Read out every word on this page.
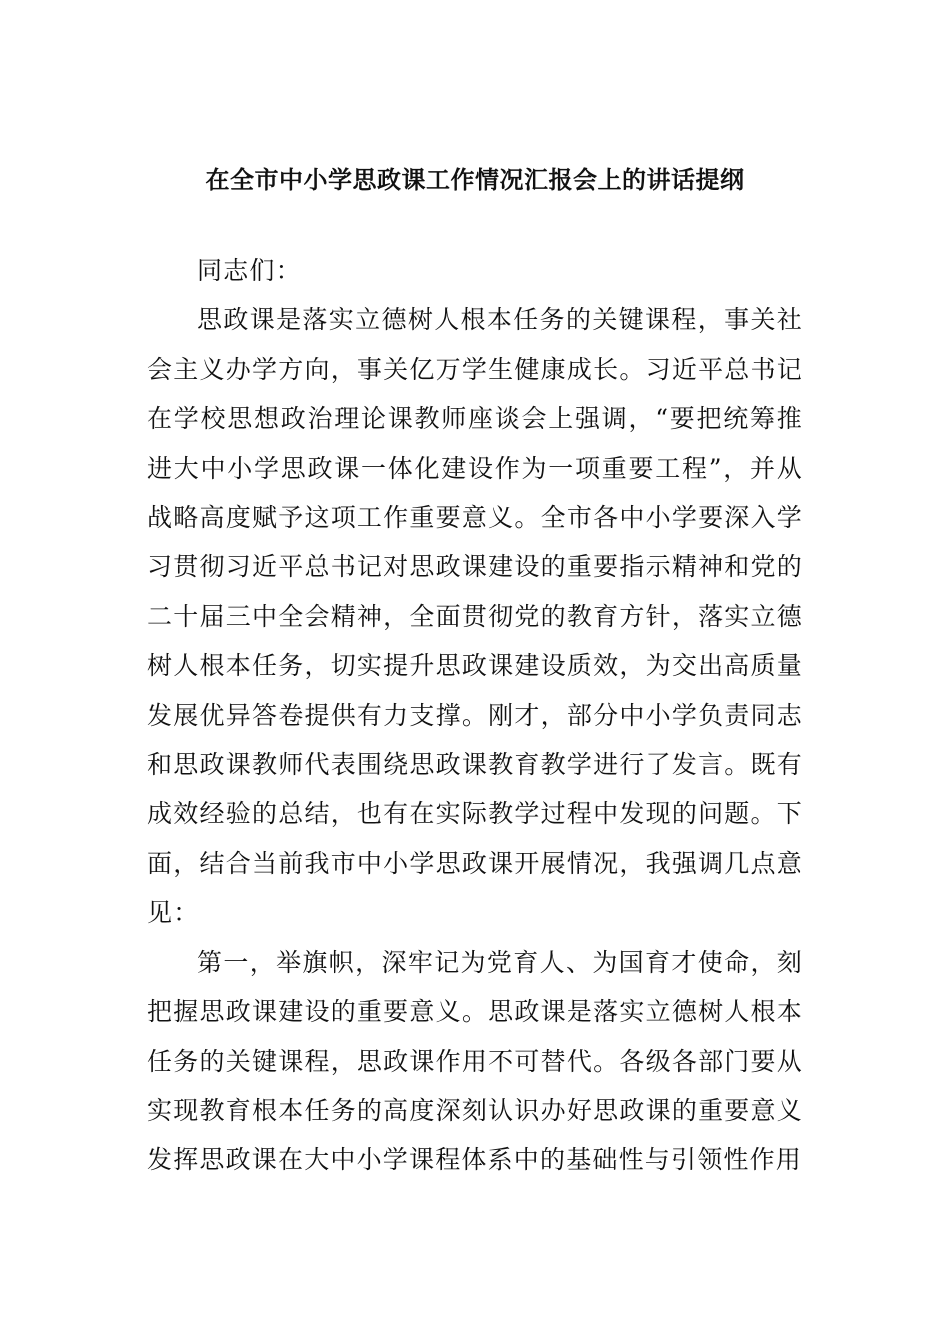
在全市中小学思政课工作情况汇报会上的讲话提纲

同志们：

思政课是落实立德树人根本任务的关键课程，事关社会主义办学方向，事关亿万学生健康成长。习近平总书记在学校思想政治理论课教师座谈会上强调，“要把统筹推进大中小学思政课一体化建设作为一项重要工程”，并从战略高度赋予这项工作重要意义。全市各中小学要深入学习贯彻习近平总书记对思政课建设的重要指示精神和党的二十届三中全会精神，全面贯彻党的教育方针，落实立德树人根本任务，切实提升思政课建设质效，为交出高质量发展优异答卷提供有力支撑。刚才，部分中小学负责同志和思政课教师代表围绕思政课教育教学进行了发言。既有成效经验的总结，也有在实际教学过程中发现的问题。下面，结合当前我市中小学思政课开展情况，我强调几点意见：

第一，举旗帜，深牢记为党育人、为国育才使命，刻把握思政课建设的重要意义。思政课是落实立德树人根本任务的关键课程，思政课作用不可替代。各级各部门要从实现教育根本任务的高度深刻认识办好思政课的重要意义发挥思政课在大中小学课程体系中的基础性与引领性作用
